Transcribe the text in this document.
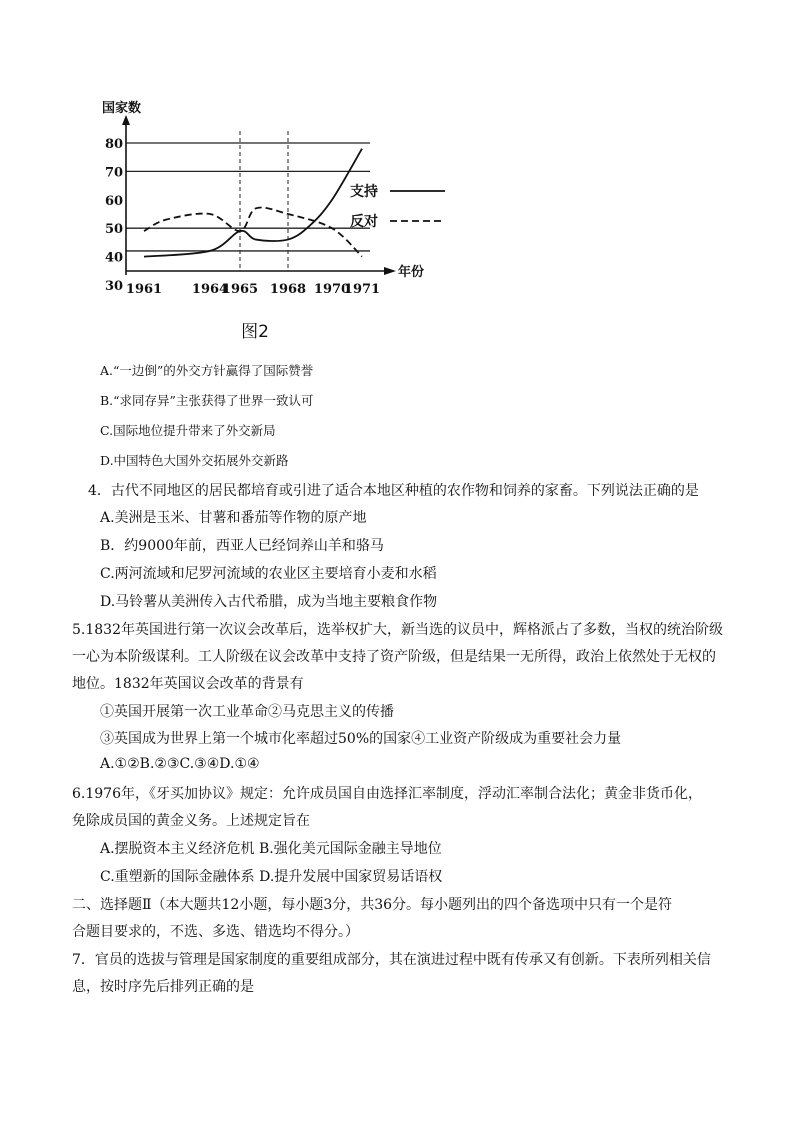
国家数
年份
80
70
60
50
40
30 1961 1964
1965 1968 1970
1971
支持
反对
图2
A.“一边倒”的外交方针赢得了国际赞誉
B.“求同存异”主张获得了世界一致认可
C.国际地位提升带来了外交新局
D.中国特色大国外交拓展外交新路
4．古代不同地区的居民都培育或引进了适合本地区种植的农作物和饲养的家畜。下列说法正确的是
A.美洲是玉米、甘薯和番茄等作物的原产地
B．约9000年前，西亚人已经饲养山羊和骆马
C.两河流域和尼罗河流域的农业区主要培育小麦和水稻
D.马铃薯从美洲传入古代希腊，成为当地主要粮食作物
5.1832年英国进行第一次议会改革后，选举权扩大，新当选的议员中，辉格派占了多数，当权的统治阶级
一心为本阶级谋利。工人阶级在议会改革中支持了资产阶级，但是结果一无所得，政治上依然处于无权的
地位。1832年英国议会改革的背景有
①英国开展第一次工业革命②马克思主义的传播
③英国成为世界上第一个城市化率超过50%的国家④工业资产阶级成为重要社会力量
A.①②B.②③C.③④D.①④
6.1976年，《牙买加协议》规定：允许成员国自由选择汇率制度，浮动汇率制合法化；黄金非货币化，
免除成员国的黄金义务。上述规定旨在
A.摆脱资本主义经济危机 B.强化美元国际金融主导地位
C.重塑新的国际金融体系 D.提升发展中国家贸易话语权
二、选择题Ⅱ（本大题共12小题，每小题3分，共36分。每小题列出的四个备选项中只有一个是符
合题目要求的，不选、多选、错选均不得分。）
7．官员的选拔与管理是国家制度的重要组成部分，其在演进过程中既有传承又有创新。下表所列相关信
息，按时序先后排列正确的是
